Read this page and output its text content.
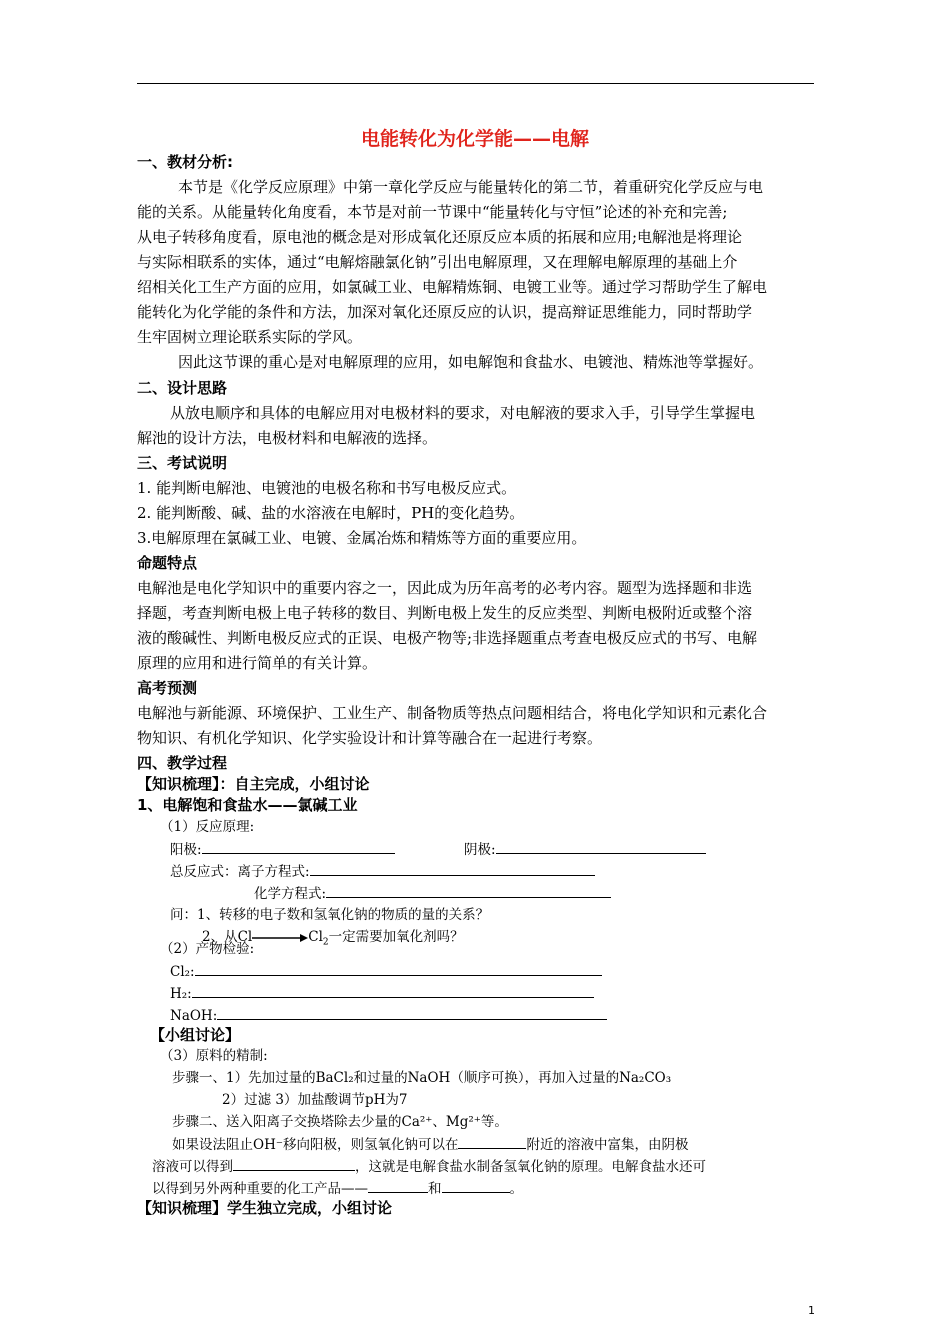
电能转化为化学能——电解
一、教材分析:
本节是《化学反应原理》中第一章化学反应与能量转化的第二节，着重研究化学反应与电
能的关系。从能量转化角度看，本节是对前一节课中“能量转化与守恒”论述的补充和完善;
从电子转移角度看，原电池的概念是对形成氧化还原反应本质的拓展和应用;电解池是将理论
与实际相联系的实体，通过“电解熔融氯化钠”引出电解原理，又在理解电解原理的基础上介
绍相关化工生产方面的应用，如氯碱工业、电解精炼铜、电镀工业等。通过学习帮助学生了解电
能转化为化学能的条件和方法，加深对氧化还原反应的认识，提高辩证思维能力，同时帮助学
生牢固树立理论联系实际的学风。
因此这节课的重心是对电解原理的应用，如电解饱和食盐水、电镀池、精炼池等掌握好。
二、设计思路
从放电顺序和具体的电解应用对电极材料的要求，对电解液的要求入手，引导学生掌握电
解池的设计方法，电极材料和电解液的选择。
三、考试说明
1. 能判断电解池、电镀池的电极名称和书写电极反应式。
2. 能判断酸、碱、盐的水溶液在电解时，PH的变化趋势。
3.电解原理在氯碱工业、电镀、金属冶炼和精炼等方面的重要应用。
命题特点
电解池是电化学知识中的重要内容之一，因此成为历年高考的必考内容。题型为选择题和非选
择题，考查判断电极上电子转移的数目、判断电极上发生的反应类型、判断电极附近或整个溶
液的酸碱性、判断电极反应式的正误、电极产物等;非选择题重点考查电极反应式的书写、电解
原理的应用和进行简单的有关计算。
高考预测
电解池与新能源、环境保护、工业生产、制备物质等热点问题相结合，将电化学知识和元素化合
物知识、有机化学知识、化学实验设计和计算等融合在一起进行考察。
四、教学过程
【知识梳理】：自主完成，小组讨论
1、电解饱和食盐水——氯碱工业
（1）反应原理:
阳极:	阴极:
总反应式：离子方程式:
化学方程式:
问：1、转移的电子数和氢氧化钠的物质的量的关系？
2、从Cl	$Cl_2$一定需要加氧化剂吗？
（2）产物检验:
Cl₂:
H₂:
NaOH:
【小组讨论】
（3）原料的精制:
步骤一、1）先加过量的BaCl₂和过量的NaOH（顺序可换），再加入过量的Na₂CO₃
2）过滤 3）加盐酸调节pH为7
步骤二、送入阳离子交换塔除去少量的Ca²⁺、Mg²⁺等。
如果设法阻止OH⁻移向阳极，则氢氧化钠可以在	附近的溶液中富集，由阴极
溶液可以得到	，这就是电解食盐水制备氢氧化钠的原理。电解食盐水还可
以得到另外两种重要的化工产品——	和	。
【知识梳理】学生独立完成，小组讨论
1
